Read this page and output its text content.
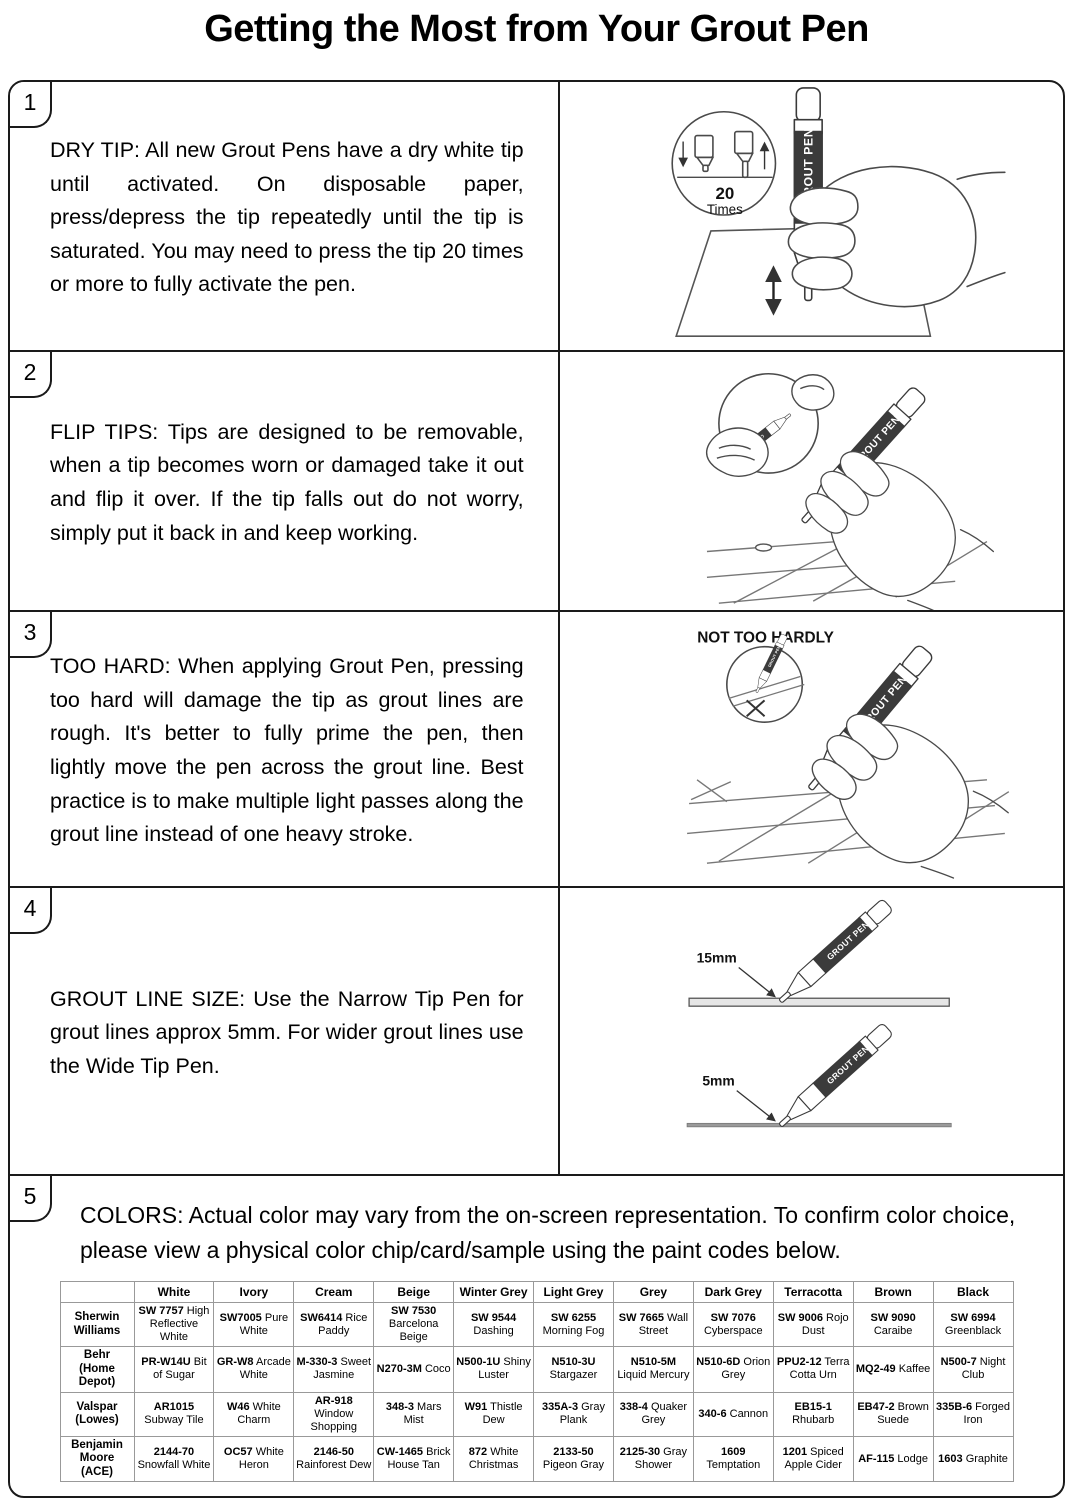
Getting the Most from Your Grout Pen
1

DRY TIP: All new Grout Pens have a dry white tip until activated. On disposable paper, press/depress the tip repeatedly until the tip is saturated. You may need to press the tip 20 times or more to fully activate the pen.

20
Times
2

FLIP TIPS: Tips are designed to be removable, when a tip becomes worn or damaged take it out and flip it over. If the tip falls out do not worry, simply put it back in and keep working.

3

TOO HARD: When applying Grout Pen, pressing too hard will damage the tip as grout lines are rough. It's better to fully prime the pen, then lightly move the pen across the grout line. Best practice is to make multiple light passes along the grout line instead of one heavy stroke.

NOT TOO HARDLY
4

GROUT LINE SIZE: Use the Narrow Tip Pen for grout lines approx 5mm. For wider grout lines use the Wide Tip Pen.

15mm
5mm
5

COLORS: Actual color may vary from the on-screen representation. To confirm color choice, please view a physical color chip/card/sample using the paint codes below.

	White	Ivory	Cream	Beige	Winter Grey	Light Grey	Grey	Dark Grey	Terracotta	Brown	Black

Sherwin Williams	SW 7757 High Reflective White	SW7005 Pure White	SW6414 Rice Paddy	SW 7530 Barcelona Beige	SW 9544 Dashing	SW 6255 Morning Fog	SW 7665 Wall Street	SW 7076 Cyberspace	SW 9006 Rojo Dust	SW 9090 Caraibe	SW 6994 Greenblack

Behr
(Home Depot)	PR-W14U Bit of Sugar	GR-W8 Arcade White	M-330-3 Sweet Jasmine	N270-3M Coco	N500-1U Shiny Luster	N510-3U Stargazer	N510-5M Liquid Mercury	N510-6D Orion Grey	PPU2-12 Terra Cotta Urn	MQ2-49 Kaffee	N500-7 Night Club

Valspar
(Lowes)	AR1015 Subway Tile	W46 White Charm	AR-918 Window Shopping	348-3 Mars Mist	W91 Thistle Dew	335A-3 Gray Plank	338-4 Quaker Grey	340-6 Cannon	EB15-1 Rhubarb	EB47-2 Brown Suede	335B-6 Forged Iron

Benjamin Moore
(ACE)	2144-70 Snowfall White	OC57 White Heron	2146-50 Rainforest Dew	CW-1465 Brick House Tan	872 White Christmas	2133-50 Pigeon Gray	2125-30 Gray Shower	1609 Temptation	1201 Spiced Apple Cider	AF-115 Lodge	1603 Graphite
